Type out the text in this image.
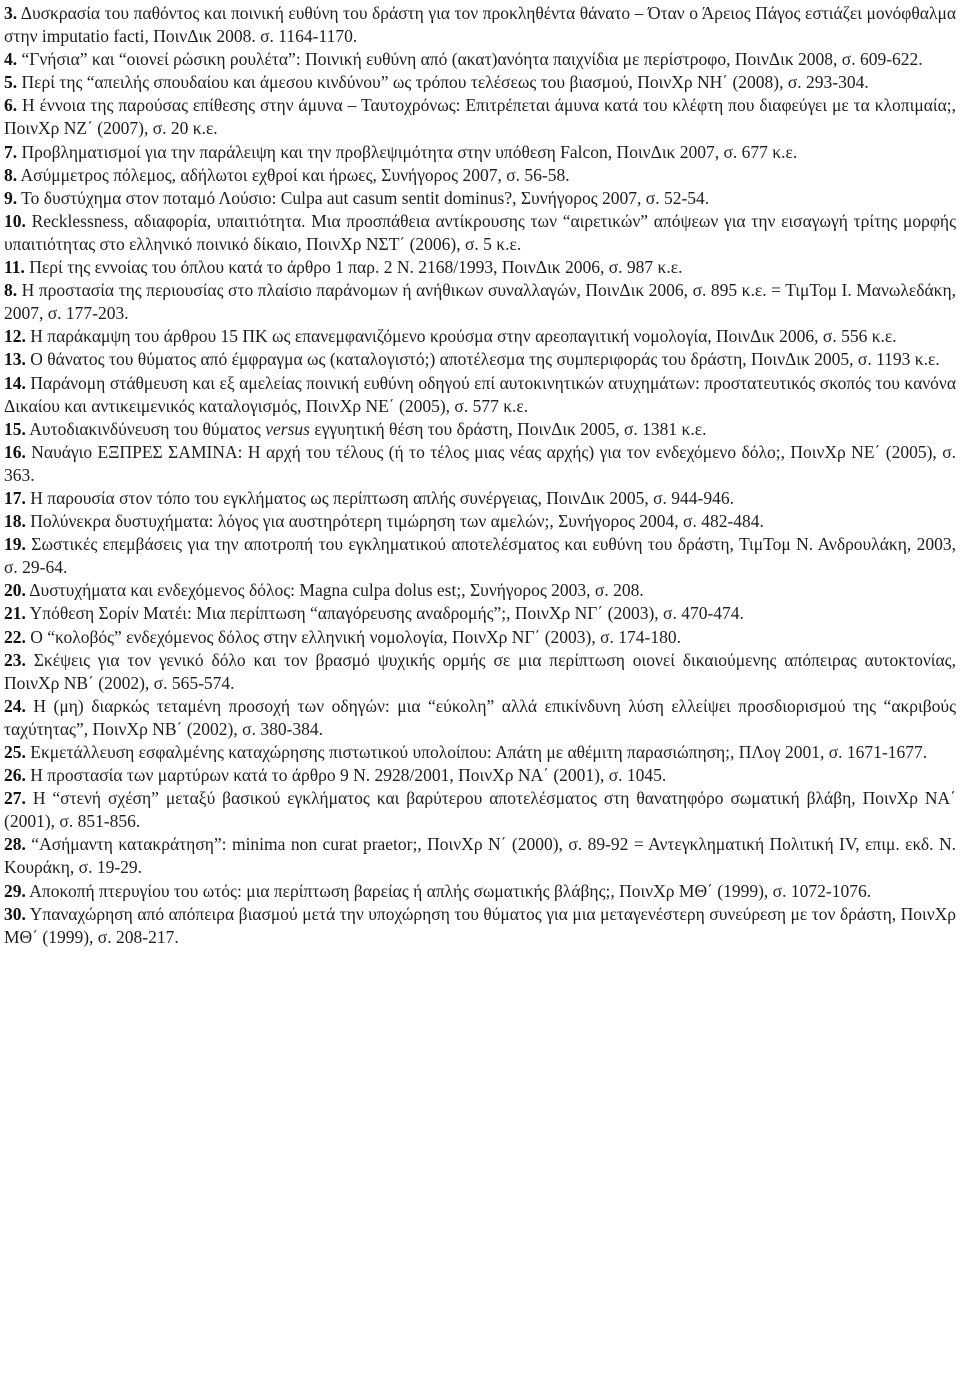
3. Δυσκρασία του παθόντος και ποινική ευθύνη του δράστη για τον προκληθέντα θάνατο – Όταν ο Άρειος Πάγος εστιάζει μονόφθαλμα στην imputatio facti, ΠοινΔικ 2008. σ. 1164-1170.

4. “Γνήσια” και “οιονεί ρώσικη ρουλέτα”: Ποινική ευθύνη από (ακατ)ανόητα παιχνίδια με περίστροφο, ΠοινΔικ 2008, σ. 609-622.

5. Περί της “απειλής σπουδαίου και άμεσου κινδύνου” ως τρόπου τελέσεως του βιασμού, ΠοινΧρ ΝΗ΄ (2008), σ. 293-304.

6. Η έννοια της παρούσας επίθεσης στην άμυνα – Ταυτοχρόνως: Επιτρέπεται άμυνα κατά του κλέφτη που διαφεύγει με τα κλοπιμαία;, ΠοινΧρ ΝΖ΄ (2007), σ. 20 κ.ε.

7. Προβληματισμοί για την παράλειψη και την προβλεψιμότητα στην υπόθεση Falcon, ΠοινΔικ 2007, σ. 677 κ.ε.

8. Ασύμμετρος πόλεμος, αδήλωτοι εχθροί και ήρωες, Συνήγορος 2007, σ. 56-58.

9. Το δυστύχημα στον ποταμό Λούσιο: Culpa aut casum sentit dominus?, Συνήγορος 2007, σ. 52-54.

10. Recklessness, αδιαφορία, υπαιτιότητα. Μια προσπάθεια αντίκρουσης των “αιρετικών” απόψεων για την εισαγωγή τρίτης μορφής υπαιτιότητας στο ελληνικό ποινικό δίκαιο, ΠοινΧρ ΝΣΤ΄ (2006), σ. 5 κ.ε.

11. Περί της εννοίας του όπλου κατά το άρθρο 1 παρ. 2 Ν. 2168/1993, ΠοινΔικ 2006, σ. 987 κ.ε.

8. Η προστασία της περιουσίας στο πλαίσιο παράνομων ή ανήθικων συναλλαγών, ΠοινΔικ 2006, σ. 895 κ.ε. = ΤιμΤομ Ι. Μανωλεδάκη, 2007, σ. 177-203.

12. Η παράκαμψη του άρθρου 15 ΠΚ ως επανεμφανιζόμενο κρούσμα στην αρεοπαγιτική νομολογία, ΠοινΔικ 2006, σ. 556 κ.ε.

13. Ο θάνατος του θύματος από έμφραγμα ως (καταλογιστό;) αποτέλεσμα της συμπεριφοράς του δράστη, ΠοινΔικ 2005, σ. 1193 κ.ε.

14. Παράνομη στάθμευση και εξ αμελείας ποινική ευθύνη οδηγού επί αυτοκινητικών ατυχημάτων: προστατευτικός σκοπός του κανόνα Δικαίου και αντικειμενικός καταλογισμός, ΠοινΧρ ΝΕ΄ (2005), σ. 577 κ.ε.

15. Αυτοδιακινδύνευση του θύματος versus εγγυητική θέση του δράστη, ΠοινΔικ 2005, σ. 1381 κ.ε.

16. Ναυάγιο ΕΞΠΡΕΣ ΣΑΜΙΝΑ: Η αρχή του τέλους (ή το τέλος μιας νέας αρχής) για τον ενδεχόμενο δόλο;, ΠοινΧρ ΝΕ΄ (2005), σ. 363.

17. Η παρουσία στον τόπο του εγκλήματος ως περίπτωση απλής συνέργειας, ΠοινΔικ 2005, σ. 944-946.

18. Πολύνεκρα δυστυχήματα: λόγος για αυστηρότερη τιμώρηση των αμελών;, Συνήγορος 2004, σ. 482-484.

19. Σωστικές επεμβάσεις για την αποτροπή του εγκληματικού αποτελέσματος και ευθύνη του δράστη, ΤιμΤομ Ν. Ανδρουλάκη, 2003, σ. 29-64.

20. Δυστυχήματα και ενδεχόμενος δόλος: Magna culpa dolus est;, Συνήγορος 2003, σ. 208.

21. Υπόθεση Σορίν Ματέι: Μια περίπτωση “απαγόρευσης αναδρομής”;, ΠοινΧρ ΝΓ΄ (2003), σ. 470-474.

22. Ο “κολοβός” ενδεχόμενος δόλος στην ελληνική νομολογία, ΠοινΧρ ΝΓ΄ (2003), σ. 174-180.

23. Σκέψεις για τον γενικό δόλο και τον βρασμό ψυχικής ορμής σε μια περίπτωση οιονεί δικαιούμενης απόπειρας αυτοκτονίας, ΠοινΧρ ΝΒ΄ (2002), σ. 565-574.

24. Η (μη) διαρκώς τεταμένη προσοχή των οδηγών: μια “εύκολη” αλλά επικίνδυνη λύση ελλείψει προσδιορισμού της “ακριβούς ταχύτητας”, ΠοινΧρ ΝΒ΄ (2002), σ. 380-384.

25. Εκμετάλλευση εσφαλμένης καταχώρησης πιστωτικού υπολοίπου: Απάτη με αθέμιτη παρασιώπηση;, ΠΛογ 2001, σ. 1671-1677.

26. Η προστασία των μαρτύρων κατά το άρθρο 9 Ν. 2928/2001, ΠοινΧρ ΝΑ΄ (2001), σ. 1045.

27. Η “στενή σχέση” μεταξύ βασικού εγκλήματος και βαρύτερου αποτελέσματος στη θανατηφόρο σωματική βλάβη, ΠοινΧρ ΝΑ΄ (2001), σ. 851-856.

28. “Ασήμαντη κατακράτηση”: minima non curat praetor;, ΠοινΧρ Ν΄ (2000), σ. 89-92 = Αντεγκληματική Πολιτική IV, επιμ. εκδ. Ν. Κουράκη, σ. 19-29.

29. Αποκοπή πτερυγίου του ωτός: μια περίπτωση βαρείας ή απλής σωματικής βλάβης;, ΠοινΧρ ΜΘ΄ (1999), σ. 1072-1076.

30. Υπαναχώρηση από απόπειρα βιασμού μετά την υποχώρηση του θύματος για μια μεταγενέστερη συνεύρεση με τον δράστη, ΠοινΧρ ΜΘ΄ (1999), σ. 208-217.
